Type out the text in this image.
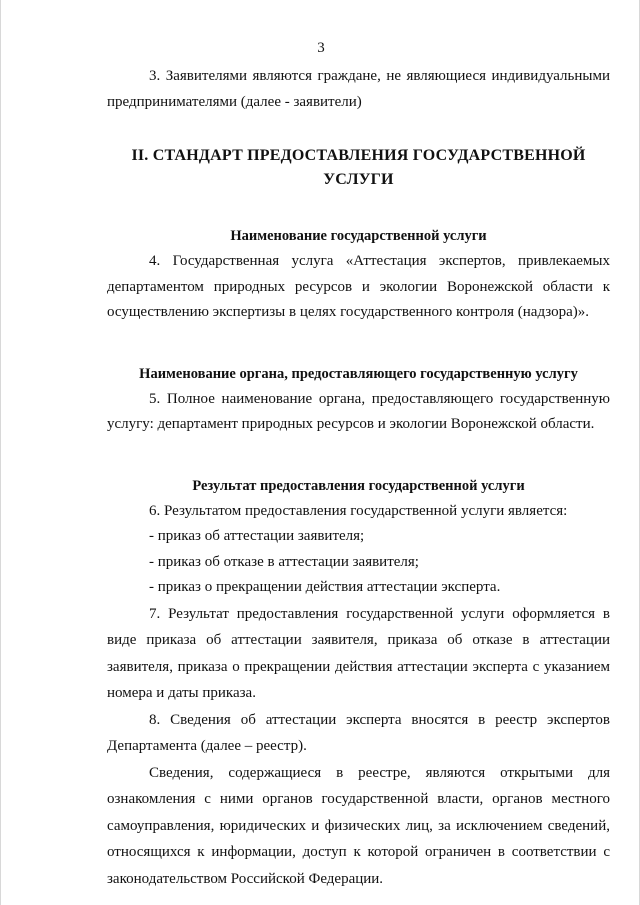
3

3. Заявителями являются граждане, не являющиеся индивидуальными предпринимателями (далее - заявители)

II. СТАНДАРТ ПРЕДОСТАВЛЕНИЯ ГОСУДАРСТВЕННОЙ УСЛУГИ

Наименование государственной услуги

4. Государственная услуга «Аттестация экспертов, привлекаемых департаментом природных ресурсов и экологии Воронежской области к осуществлению экспертизы в целях государственного контроля (надзора)».

Наименование органа, предоставляющего государственную услугу

5. Полное наименование органа, предоставляющего государственную услугу: департамент природных ресурсов и экологии Воронежской области.

Результат предоставления государственной услуги

6. Результатом предоставления государственной услуги является:

- приказ об аттестации заявителя;

- приказ об отказе в аттестации заявителя;

- приказ о прекращении действия аттестации эксперта.

7. Результат предоставления государственной услуги оформляется в виде приказа об аттестации заявителя, приказа об отказе в аттестации заявителя, приказа о прекращении действия аттестации эксперта с указанием номера и даты приказа.

8. Сведения об аттестации эксперта вносятся в реестр экспертов Департамента (далее – реестр).

Сведения, содержащиеся в реестре, являются открытыми для ознакомления с ними органов государственной власти, органов местного самоуправления, юридических и физических лиц, за исключением сведений, относящихся к информации, доступ к которой ограничен в соответствии с законодательством Российской Федерации.
